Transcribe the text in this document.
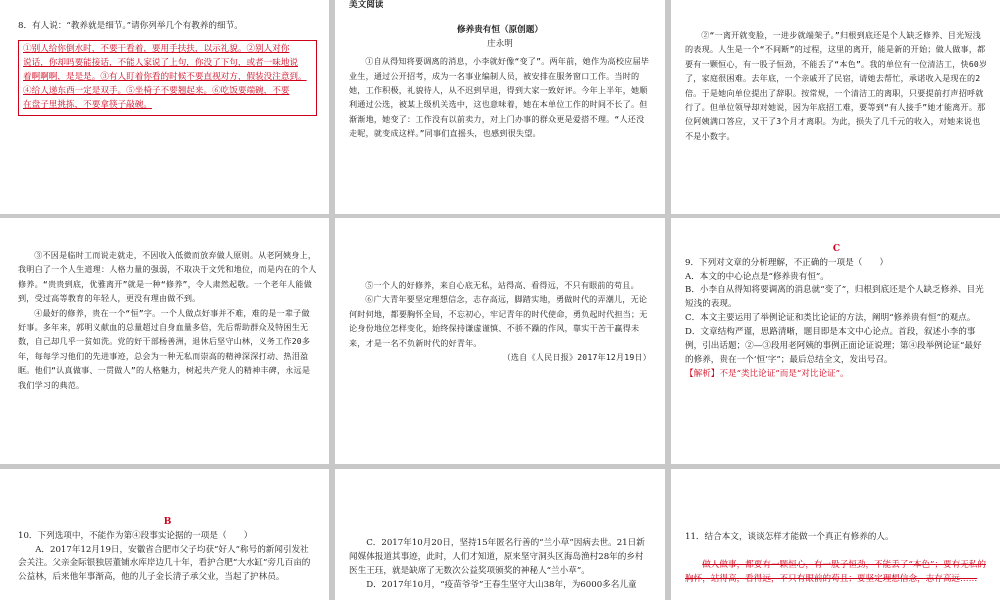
8．有人说：“教养就是细节。”请你列举几个有教养的细节。

①别人给你倒水时，不要干看着，要用手扶扶，以示礼貌。②别人对你

说话，你却吗要能接话，不能人家说了上句，你没了下句，或者一味地说

着啊啊啊，是是是。③有人盯着你看的时候不要直视对方，假装没注意到。

④给人递东西一定是双手。⑤坐椅子不要翘起来。⑥吃饭要端碗，不要

在盘子里挑拣，不要拿筷子敲碗。

美文阅读

修养贵有恒（原创题）

庄永明

①自从得知将要调离的消息，小李就好像“变了”。两年前，她作为高校应届毕业生，通过公开招考，成为一名事业编制人员，被安排在服务窗口工作。当时的她，工作积极，礼貌待人，从不迟到早退，得到大家一致好评。今年上半年，她顺利通过公选，被某上级机关选中，这也意味着，她在本单位工作的时间不长了。但渐渐地，她变了：工作没有以前卖力，对上门办事的群众更是爱搭不理。“人还没走呢，就变成这样。”同事们直摇头，也感到很失望。

②“一离开就变脸，一进步就端架子。”归根到底还是个人缺乏修养、目光短浅的表现。人生是一个“不间断”的过程，这里的离开，能是新的开始；做人做事，都要有一颗恒心，有一股子恒劲，不能丢了“本色”。我的单位有一位清洁工，快60岁了，家庭很困难。去年底，一个亲戚开了民宿，请她去帮忙，承诺收入是现在的2倍。于是她向单位提出了辞职。按常规，一个清洁工的离职，只要提前打声招呼就行了。但单位领导却对她说，因为年底招工难，要等到“有人接手”她才能离开。那位阿姨满口答应，又干了3个月才离职。为此，损失了几千元的收入，对她来说也不是小数字。

③不因是临时工而说走就走，不因收入低微而放弃做人原则。从老阿姨身上，我明白了一个人生道理：人格力量的强弱，不取决于文凭和地位，而是内在的个人修养。“贵贵到底，优雅离开”就是一种“修养”，令人肃然起敬。一个老年人能做到，受过高等教育的年轻人，更没有理由做不到。

④最好的修养，贵在一个“恒”字。一个人做点好事并不难，难的是一辈子做好事。多年来，郭明义献血的总量超过自身血量多倍，先后帮助群众及特困生无数，自己却几乎一贫如洗。党的好干部杨善洲，退休后坚守山林，义务工作20多年，每每学习他们的先进事迹，总会为一种无私而崇高的精神深深打动、热泪盈眶。他们“认真做事、一贯做人”的人格魅力，树起共产党人的精神丰碑，永远是我们学习的典范。

⑤一个人的好修养，来自心底无私，站得高、看得远，不只有眼前的苟且。

⑥广大青年要坚定理想信念，志存高远，脚踏实地，勇做时代的弄潮儿，无论何时何地，都要胸怀全局，不忘初心，牢记青年的时代使命，勇负起时代担当；无论身份地位怎样变化，始终保持谦虚谨慎、不骄不躁的作风，靠实干苦干赢得未来，才是一名不负新时代的好青年。

（选自《人民日报》2017年12月19日）

C

9．下列对文章的分析理解，不正确的一项是（　　）

A．本文的中心论点是“修养贵有恒”。

B．小李自从得知将要调离的消息就“变了”，归根到底还是个人缺乏修养、目光短浅的表现。

C．本文主要运用了举例论证和类比论证的方法，阐明“修养贵有恒”的观点。

D．文章结构严谨，思路清晰，题目即是本文中心论点。首段，叙述小李的事例，引出话题；②—③段用老阿姨的事例正面论证说理；第④段举例论证“最好的修养，贵在一个‘恒’字”；最后总结全文，发出号召。

【解析】不是“类比论证”而是“对比论证”。

B

10．下列选项中，不能作为第④段事实论据的一项是（　　）

A．2017年12月19日，安徽省合肥市父子均获“好人”称号的新闻引发社会关注。父亲金际银独居董铺水库岸边几十年，看护合肥“大水缸”旁几百亩的公益林，后来他年事渐高，他的儿子金长清子承父业，当起了护林员。

C．2017年10月20日，坚持15年匿名行善的“兰小草”因病去世。21日新闻媒体报道其事迹，此时，人们才知道，原来坚守洞头区海岛渔村28年的乡村医生王珏，就是缺席了无数次公益奖项颁奖的神秘人“兰小草”。

D．2017年10月，“疫苗爷爷”王春生坚守大山38年，为6000多名儿童

11．结合本文，谈谈怎样才能做一个真正有修养的人。

做人做事，都要有一颗恒心，有一股子恒劲，不能丢了“本色”；要有无私的胸怀，站得高，看得远，不只有眼前的苟且；要坚定理想信念，志存高远……
